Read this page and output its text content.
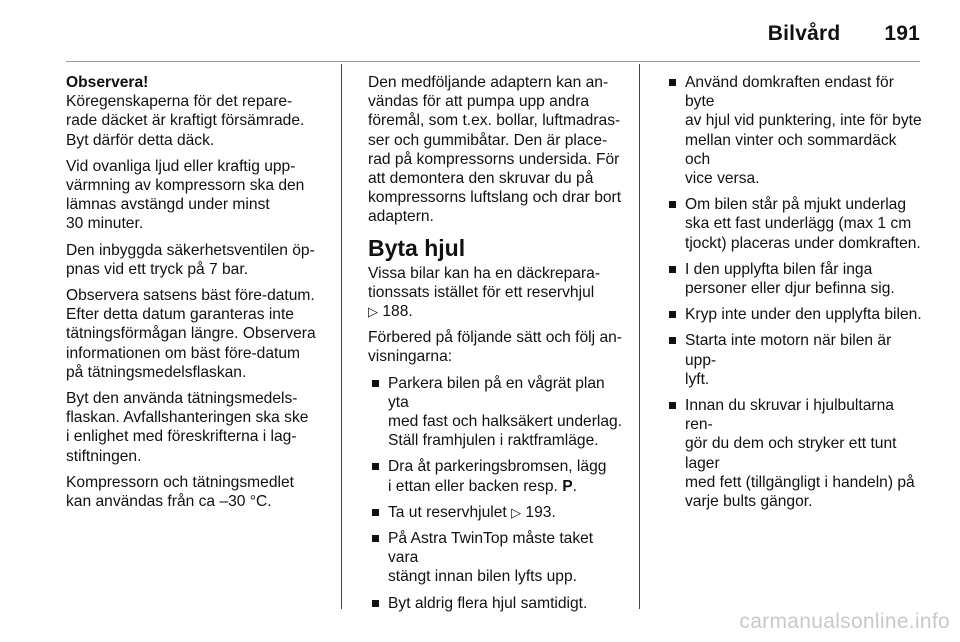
Bilvård 191

Observera!

Köregenskaperna för det repare-
rade däcket är kraftigt försämrade.
Byt därför detta däck.

Vid ovanliga ljud eller kraftig upp-
värmning av kompressorn ska den
lämnas avstängd under minst
30 minuter.

Den inbyggda säkerhetsventilen öp-
pnas vid ett tryck på 7 bar.

Observera satsens bäst före-datum.
Efter detta datum garanteras inte
tätningsförmågan längre. Observera
informationen om bäst före-datum
på tätningsmedelsflaskan.

Byt den använda tätningsmedels-
flaskan. Avfallshanteringen ska ske
i enlighet med föreskrifterna i lag-
stiftningen.

Kompressorn och tätningsmedlet
kan användas från ca –30 °C.

Den medföljande adaptern kan an-
vändas för att pumpa upp andra
föremål, som t.ex. bollar, luftmadras-
ser och gummibåtar. Den är place-
rad på kompressorns undersida. För
att demontera den skruvar du på
kompressorns luftslang och drar bort
adaptern.

Byta hjul

Vissa bilar kan ha en däckrepara-
tionssats istället för ett reservhjul
▷ 188.

Förbered på följande sätt och följ an-
visningarna:

Parkera bilen på en vågrät plan yta
med fast och halksäkert underlag.
Ställ framhjulen i raktframläge.
Dra åt parkeringsbromsen, lägg
i ettan eller backen resp. P.
Ta ut reservhjulet ▷ 193.
På Astra TwinTop måste taket vara
stängt innan bilen lyfts upp.
Byt aldrig flera hjul samtidigt.
Använd domkraften endast för byte
av hjul vid punktering, inte för byte
mellan vinter och sommardäck och
vice versa.
Om bilen står på mjukt underlag
ska ett fast underlägg (max 1 cm
tjockt) placeras under domkraften.
I den upplyfta bilen får inga
personer eller djur befinna sig.
Kryp inte under den upplyfta bilen.
Starta inte motorn när bilen är upp-
lyft.
Innan du skruvar i hjulbultarna ren-
gör du dem och stryker ett tunt lager
med fett (tillgängligt i handeln) på
varje bults gängor.
carmanualsonline.info
